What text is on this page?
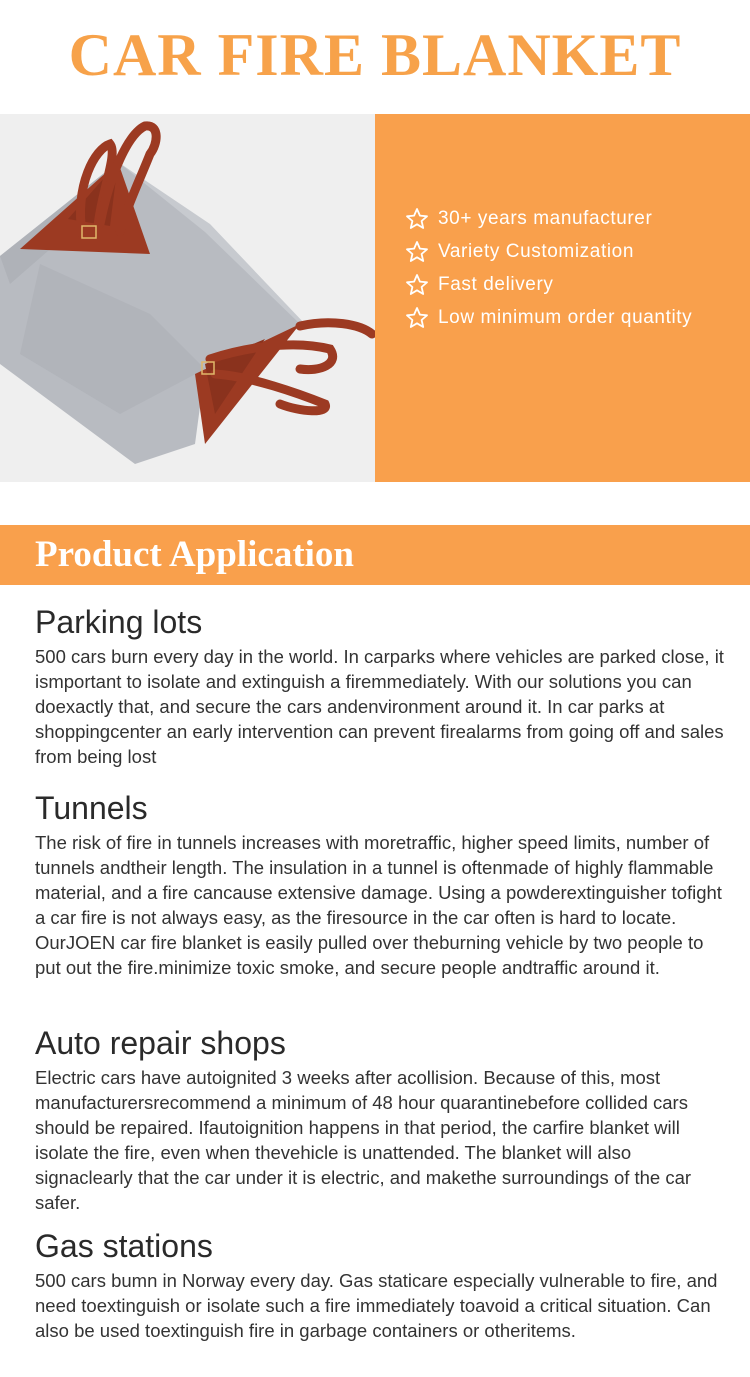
CAR FIRE BLANKET
30+ years manufacturer
Variety Customization
Fast delivery
Low minimum order quantity
Product Application
Parking lots

500 cars burn every day in the world. In carparks where vehicles are parked close, it ismportant to isolate and extinguish a firemmediately. With our solutions you can doexactly that, and secure the cars andenvironment around it. In car parks at shoppingcenter an early intervention can prevent firealarms from going off and sales from being lost

Tunnels

The risk of fire in tunnels increases with moretraffic, higher speed limits, number of tunnels andtheir length. The insulation in a tunnel is oftenmade of highly flammable material, and a fire cancause extensive damage. Using a powderextinguisher tofight a car fire is not always easy, as the firesource in the car often is hard to locate. OurJOEN car fire blanket is easily pulled over theburning vehicle by two people to put out the fire.minimize toxic smoke, and secure people andtraffic around it.

Auto repair shops

Electric cars have autoignited 3 weeks after acollision. Because of this, most manufacturersrecommend a minimum of 48 hour quarantinebefore collided cars should be repaired. Ifautoignition happens in that period, the carfire blanket will isolate the fire, even when thevehicle is unattended. The blanket will also signaclearly that the car under it is electric, and makethe surroundings of the car safer.

Gas stations

500 cars bumn in Norway every day. Gas staticare especially vulnerable to fire, and need toextinguish or isolate such a fire immediately toavoid a critical situation. Can also be used toextinguish fire in garbage containers or otheritems.
